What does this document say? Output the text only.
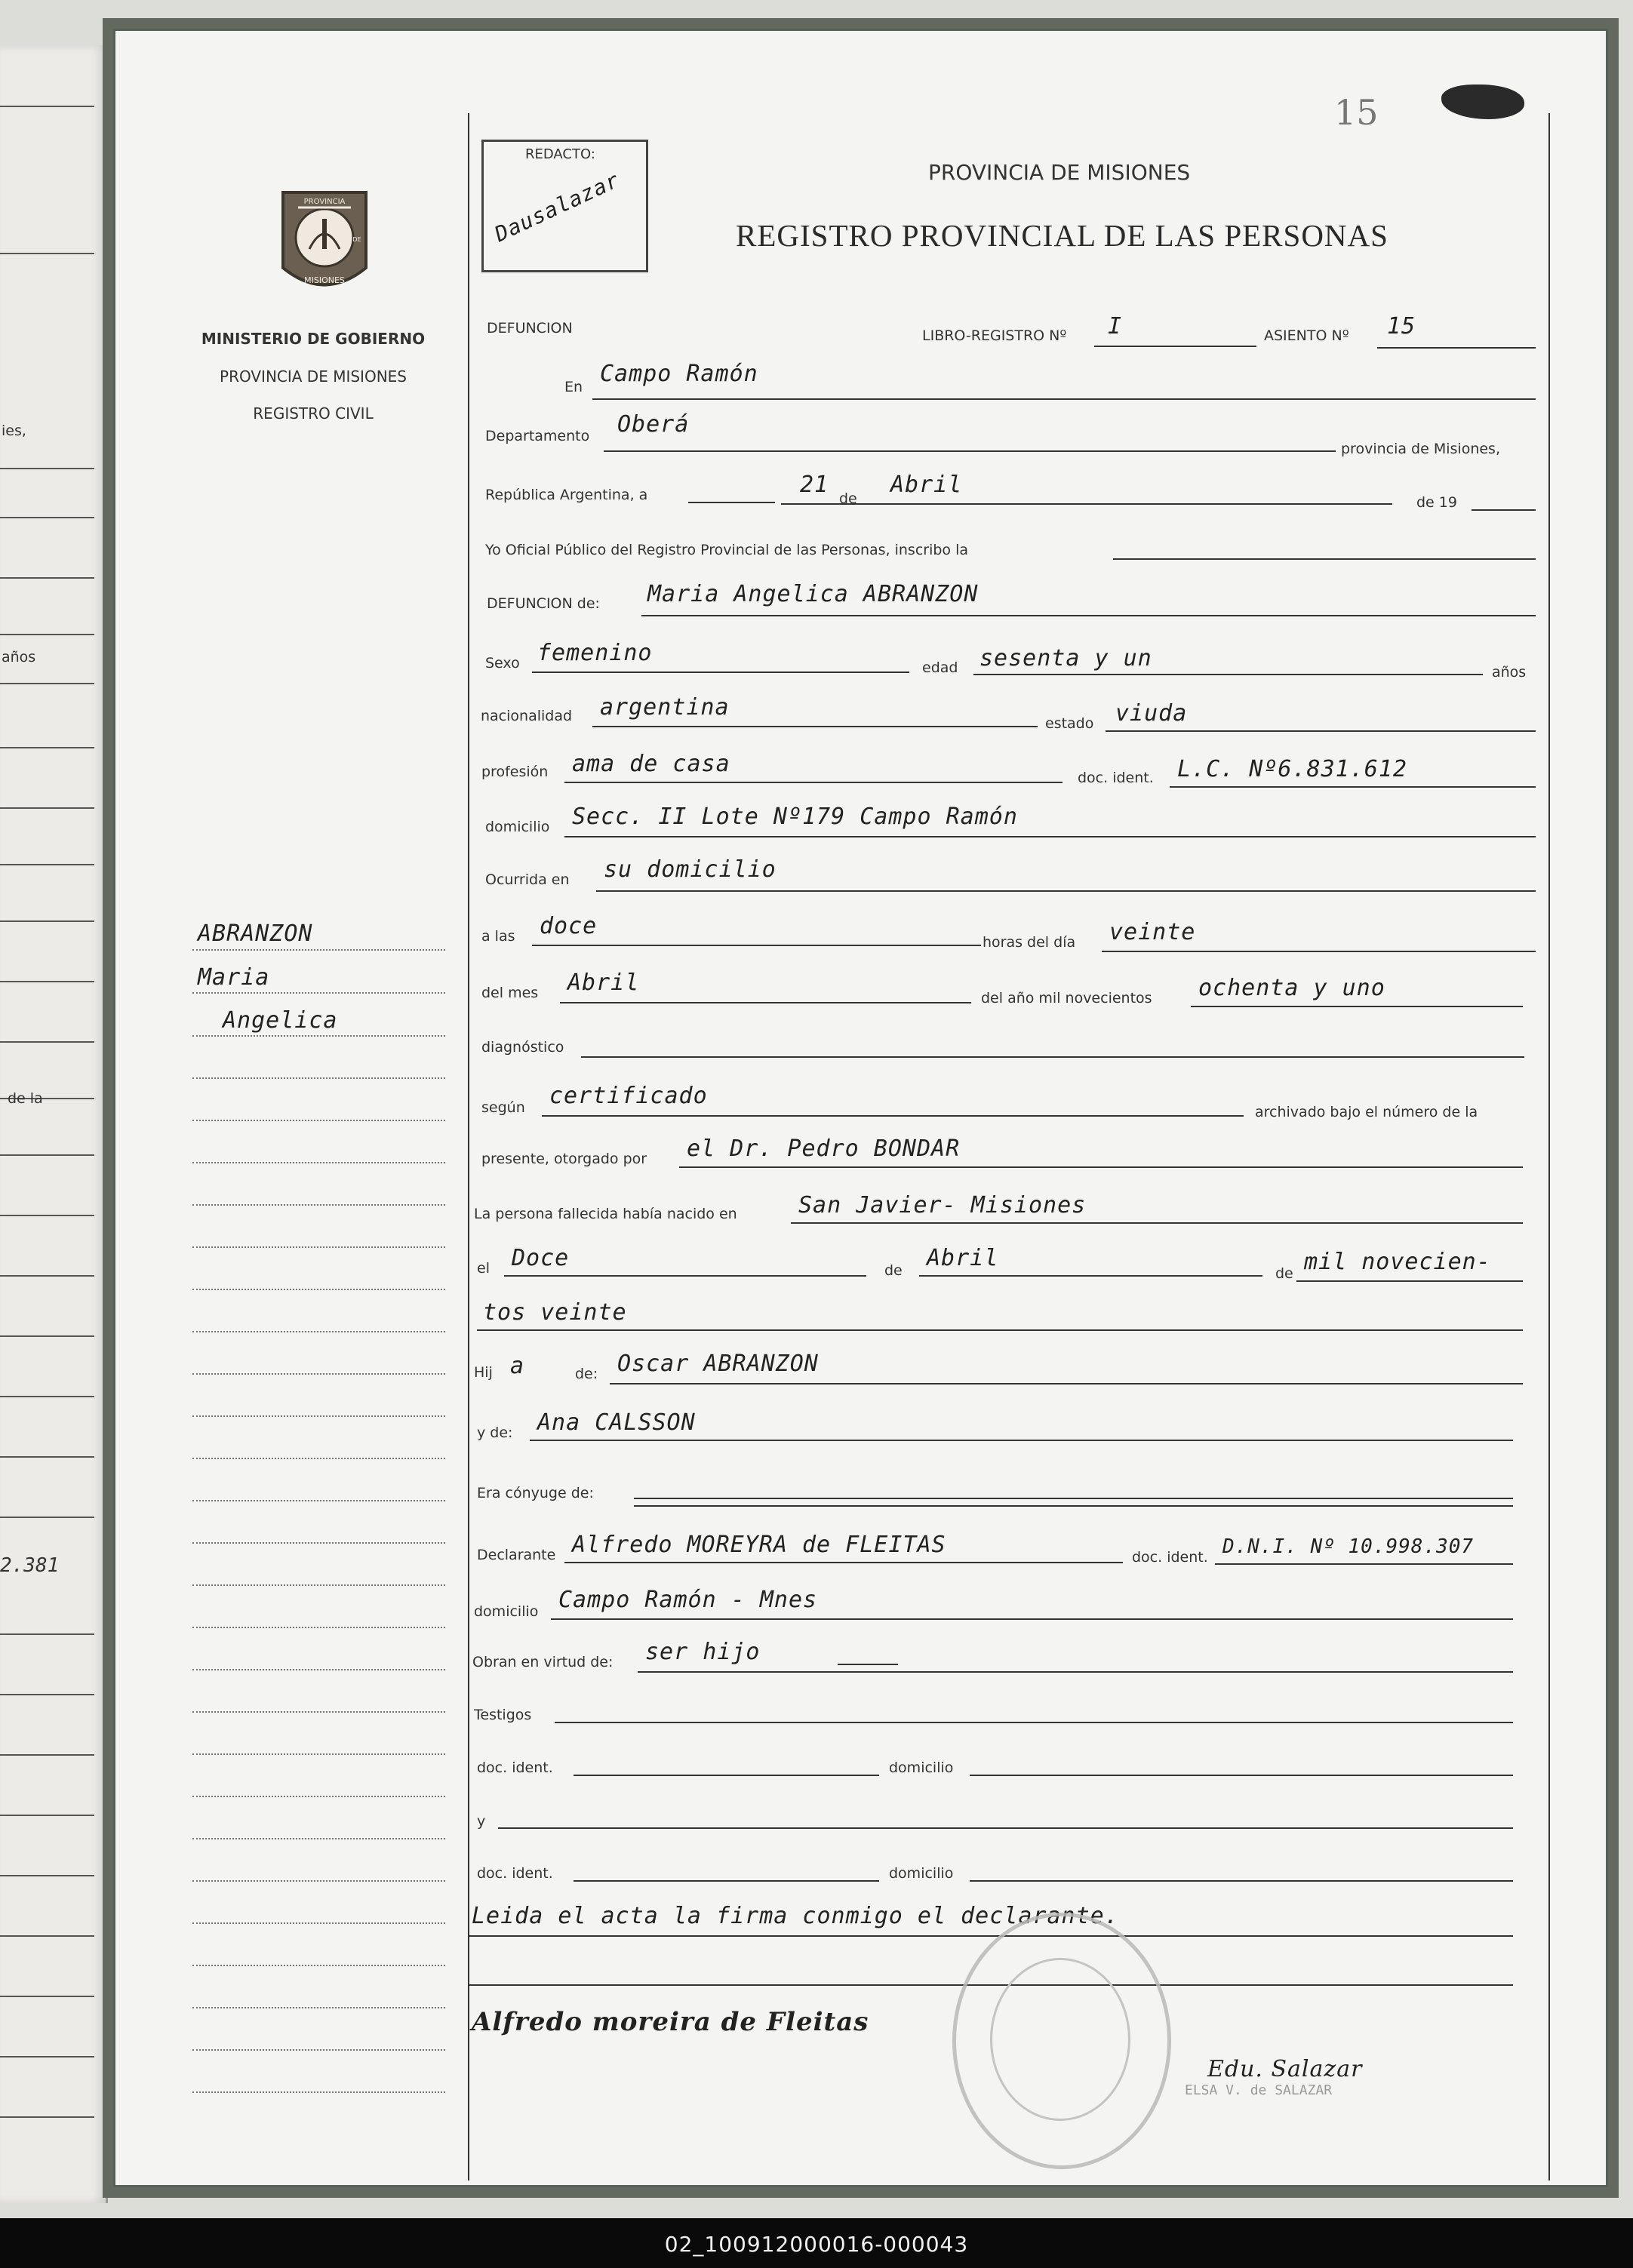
ies,
años
de la
2.381
PROVINCIA
DE
MISIONES
MINISTERIO DE GOBIERNO
PROVINCIA DE MISIONES
REGISTRO CIVIL
15
REDACTO:
Dausalazar	PROVINCIA DE MISIONES
REGISTRO PROVINCIAL DE LAS PERSONAS
ABRANZON
Maria
Angelica
DEFUNCION	LIBRO-REGISTRO Nº I	ASIENTO Nº 15
En Campo Ramón
Departamento Oberá
provincia de Misiones,
República Argentina, a	21
de
Abril
de 19
Yo Oficial Público del Registro Provincial de las Personas, inscribo la
DEFUNCION de: Maria Angelica ABRANZON
Sexo femenino
edad sesenta y un
años
nacionalidad argentina
estado viuda
profesión ama de casa
doc. ident. L.C. Nº6.831.612
domicilio Secc. II Lote Nº179 Campo Ramón
Ocurrida en su domicilio
a las doce
horas del día veinte
del mes Abril
del año mil novecientos ochenta y uno
diagnóstico
según certificado
archivado bajo el número de la
presente, otorgado por el Dr. Pedro BONDAR
La persona fallecida había nacido en	San Javier- Misiones
el Doce	de Abril
de mil novecien-
tos veinte
Hij a	de: Oscar ABRANZON
y de: Ana CALSSON
Era cónyuge de:
Declarante Alfredo MOREYRA de FLEITAS	doc. ident. D.N.I. Nº 10.998.307
domicilio Campo Ramón - Mnes
Obran en virtud de: ser hijo
Testigos
doc. ident.	domicilio
y
doc. ident.	domicilio
Leida el acta la firma conmigo el declarante.
Alfredo moreira de Fleitas
Edu. Salazar
ELSA V. de SALAZAR
02_100912000016-000043
